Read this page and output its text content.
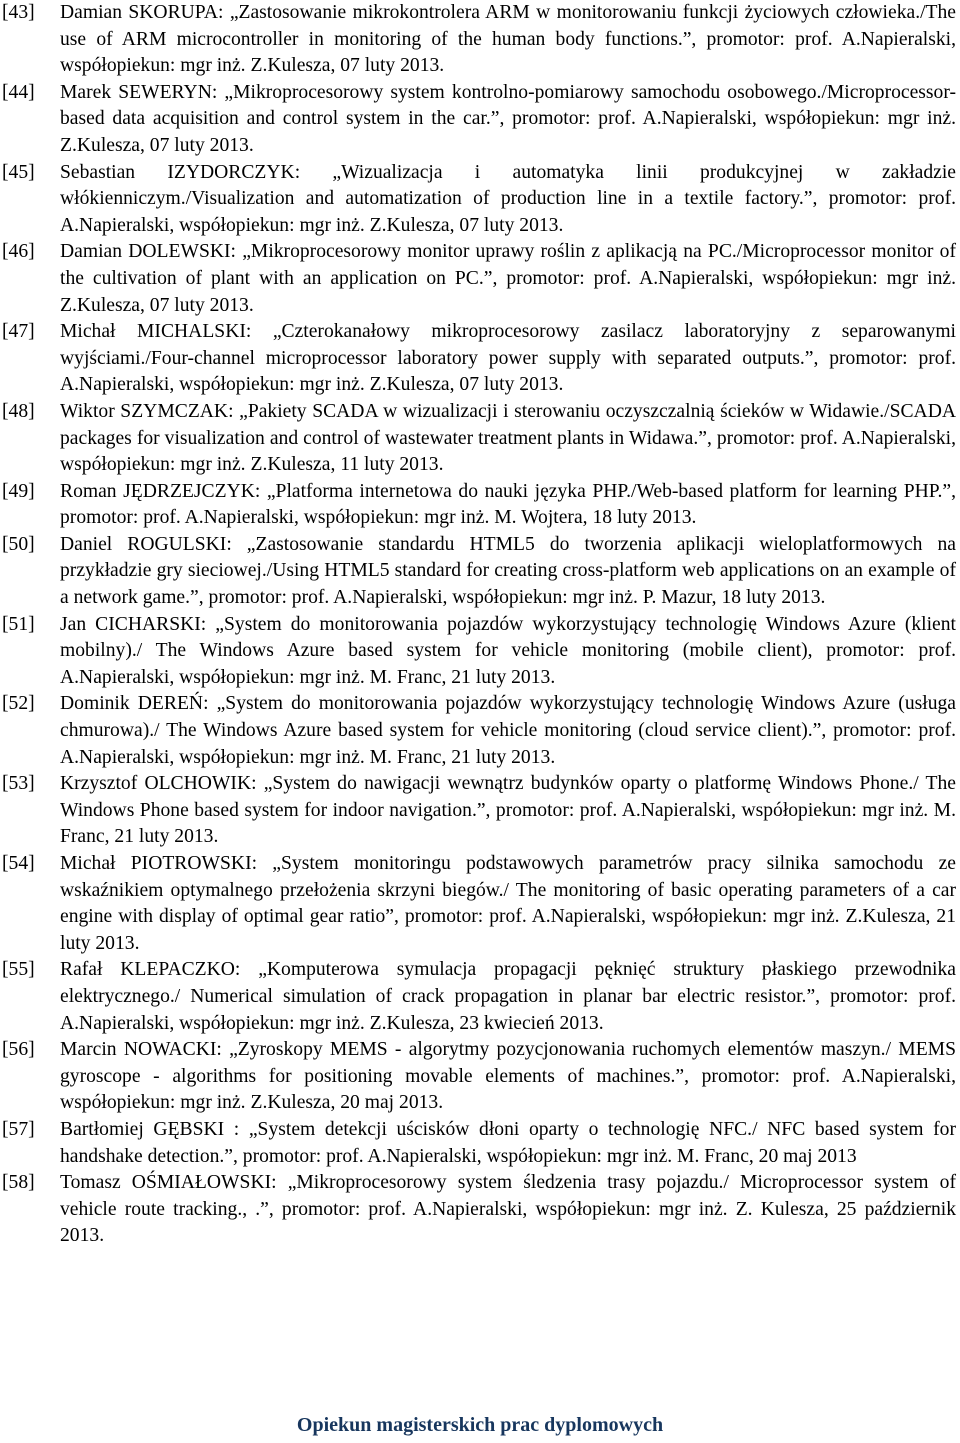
[43]	Damian SKORUPA: „Zastosowanie mikrokontrolera ARM w monitorowaniu funkcji życiowych człowieka./The use of ARM microcontroller in monitoring of the human body functions.”, promotor: prof. A.Napieralski, współopiekun: mgr inż. Z.Kulesza, 07 luty 2013.
[44]	Marek SEWERYN: „Mikroprocesorowy system kontrolno-pomiarowy samochodu osobowego./Microprocessor-based data acquisition and control system in the car.”, promotor: prof. A.Napieralski, współopiekun: mgr inż. Z.Kulesza, 07 luty 2013.
[45]	Sebastian IZYDORCZYK: „Wizualizacja i automatyka linii produkcyjnej w zakładzie włókienniczym./Visualization and automatization of production line in a textile factory.”, promotor: prof. A.Napieralski, współopiekun: mgr inż. Z.Kulesza, 07 luty 2013.
[46]	Damian DOLEWSKI: „Mikroprocesorowy monitor uprawy roślin z aplikacją na PC./Microprocessor monitor of the cultivation of plant with an application on PC.”, promotor: prof. A.Napieralski, współopiekun: mgr inż. Z.Kulesza, 07 luty 2013.
[47]	Michał MICHALSKI: „Czterokanałowy mikroprocesorowy zasilacz laboratoryjny z separowanymi wyjściami./Four-channel microprocessor laboratory power supply with separated outputs.”, promotor: prof. A.Napieralski, współopiekun: mgr inż. Z.Kulesza, 07 luty 2013.
[48]	Wiktor SZYMCZAK: „Pakiety SCADA w wizualizacji i sterowaniu oczyszczalnią ścieków w Widawie./SCADA packages for visualization and control of wastewater treatment plants in Widawa.”, promotor: prof. A.Napieralski, współopiekun: mgr inż. Z.Kulesza, 11 luty 2013.
[49]	Roman JĘDRZEJCZYK: „Platforma internetowa do nauki języka PHP./Web-based platform for learning PHP.”, promotor: prof. A.Napieralski, współopiekun: mgr inż. M. Wojtera, 18 luty 2013.
[50]	Daniel ROGULSKI: „Zastosowanie standardu HTML5 do tworzenia aplikacji wieloplatformowych na przykładzie gry sieciowej./Using HTML5 standard for creating cross-platform web applications on an example of a network game.”, promotor: prof. A.Napieralski, współopiekun: mgr inż. P. Mazur, 18 luty 2013.
[51]	Jan CICHARSKI: „System do monitorowania pojazdów wykorzystujący technologię Windows Azure (klient mobilny)./ The Windows Azure based system for vehicle monitoring (mobile client), promotor: prof. A.Napieralski, współopiekun: mgr inż. M. Franc, 21 luty 2013.
[52]	Dominik DEREŃ: „System do monitorowania pojazdów wykorzystujący technologię Windows Azure (usługa chmurowa)./ The Windows Azure based system for vehicle monitoring (cloud service client).”, promotor: prof. A.Napieralski, współopiekun: mgr inż. M. Franc, 21 luty 2013.
[53]	Krzysztof OLCHOWIK: „System do nawigacji wewnątrz budynków oparty o platformę Windows Phone./ The Windows Phone based system for indoor navigation.”, promotor: prof. A.Napieralski, współopiekun: mgr inż. M. Franc, 21 luty 2013.
[54]	Michał PIOTROWSKI: „System monitoringu podstawowych parametrów pracy silnika samochodu ze wskaźnikiem optymalnego przełożenia skrzyni biegów./ The monitoring of basic operating parameters of a car engine with display of optimal gear ratio”, promotor: prof. A.Napieralski, współopiekun: mgr inż. Z.Kulesza, 21 luty 2013.
[55]	Rafał KLEPACZKO: „Komputerowa symulacja propagacji pęknięć struktury płaskiego przewodnika elektrycznego./ Numerical simulation of crack propagation in planar bar electric resistor.”, promotor: prof. A.Napieralski, współopiekun: mgr inż. Z.Kulesza, 23 kwiecień 2013.
[56]	Marcin NOWACKI: „Zyroskopy MEMS - algorytmy pozycjonowania ruchomych elementów maszyn./ MEMS gyroscope - algorithms for positioning movable elements of machines.”, promotor: prof. A.Napieralski, współopiekun: mgr inż. Z.Kulesza, 20 maj 2013.
[57]	Bartłomiej GĘBSKI : „System detekcji uścisków dłoni oparty o technologię NFC./ NFC based system for handshake detection.”, promotor: prof. A.Napieralski, współopiekun: mgr inż. M. Franc, 20 maj 2013
[58]	Tomasz OŚMIAŁOWSKI: „Mikroprocesorowy system śledzenia trasy pojazdu./ Microprocessor system of vehicle route tracking., .”, promotor: prof. A.Napieralski, współopiekun: mgr inż. Z. Kulesza, 25 październik 2013.
Opiekun magisterskich prac dyplomowych
